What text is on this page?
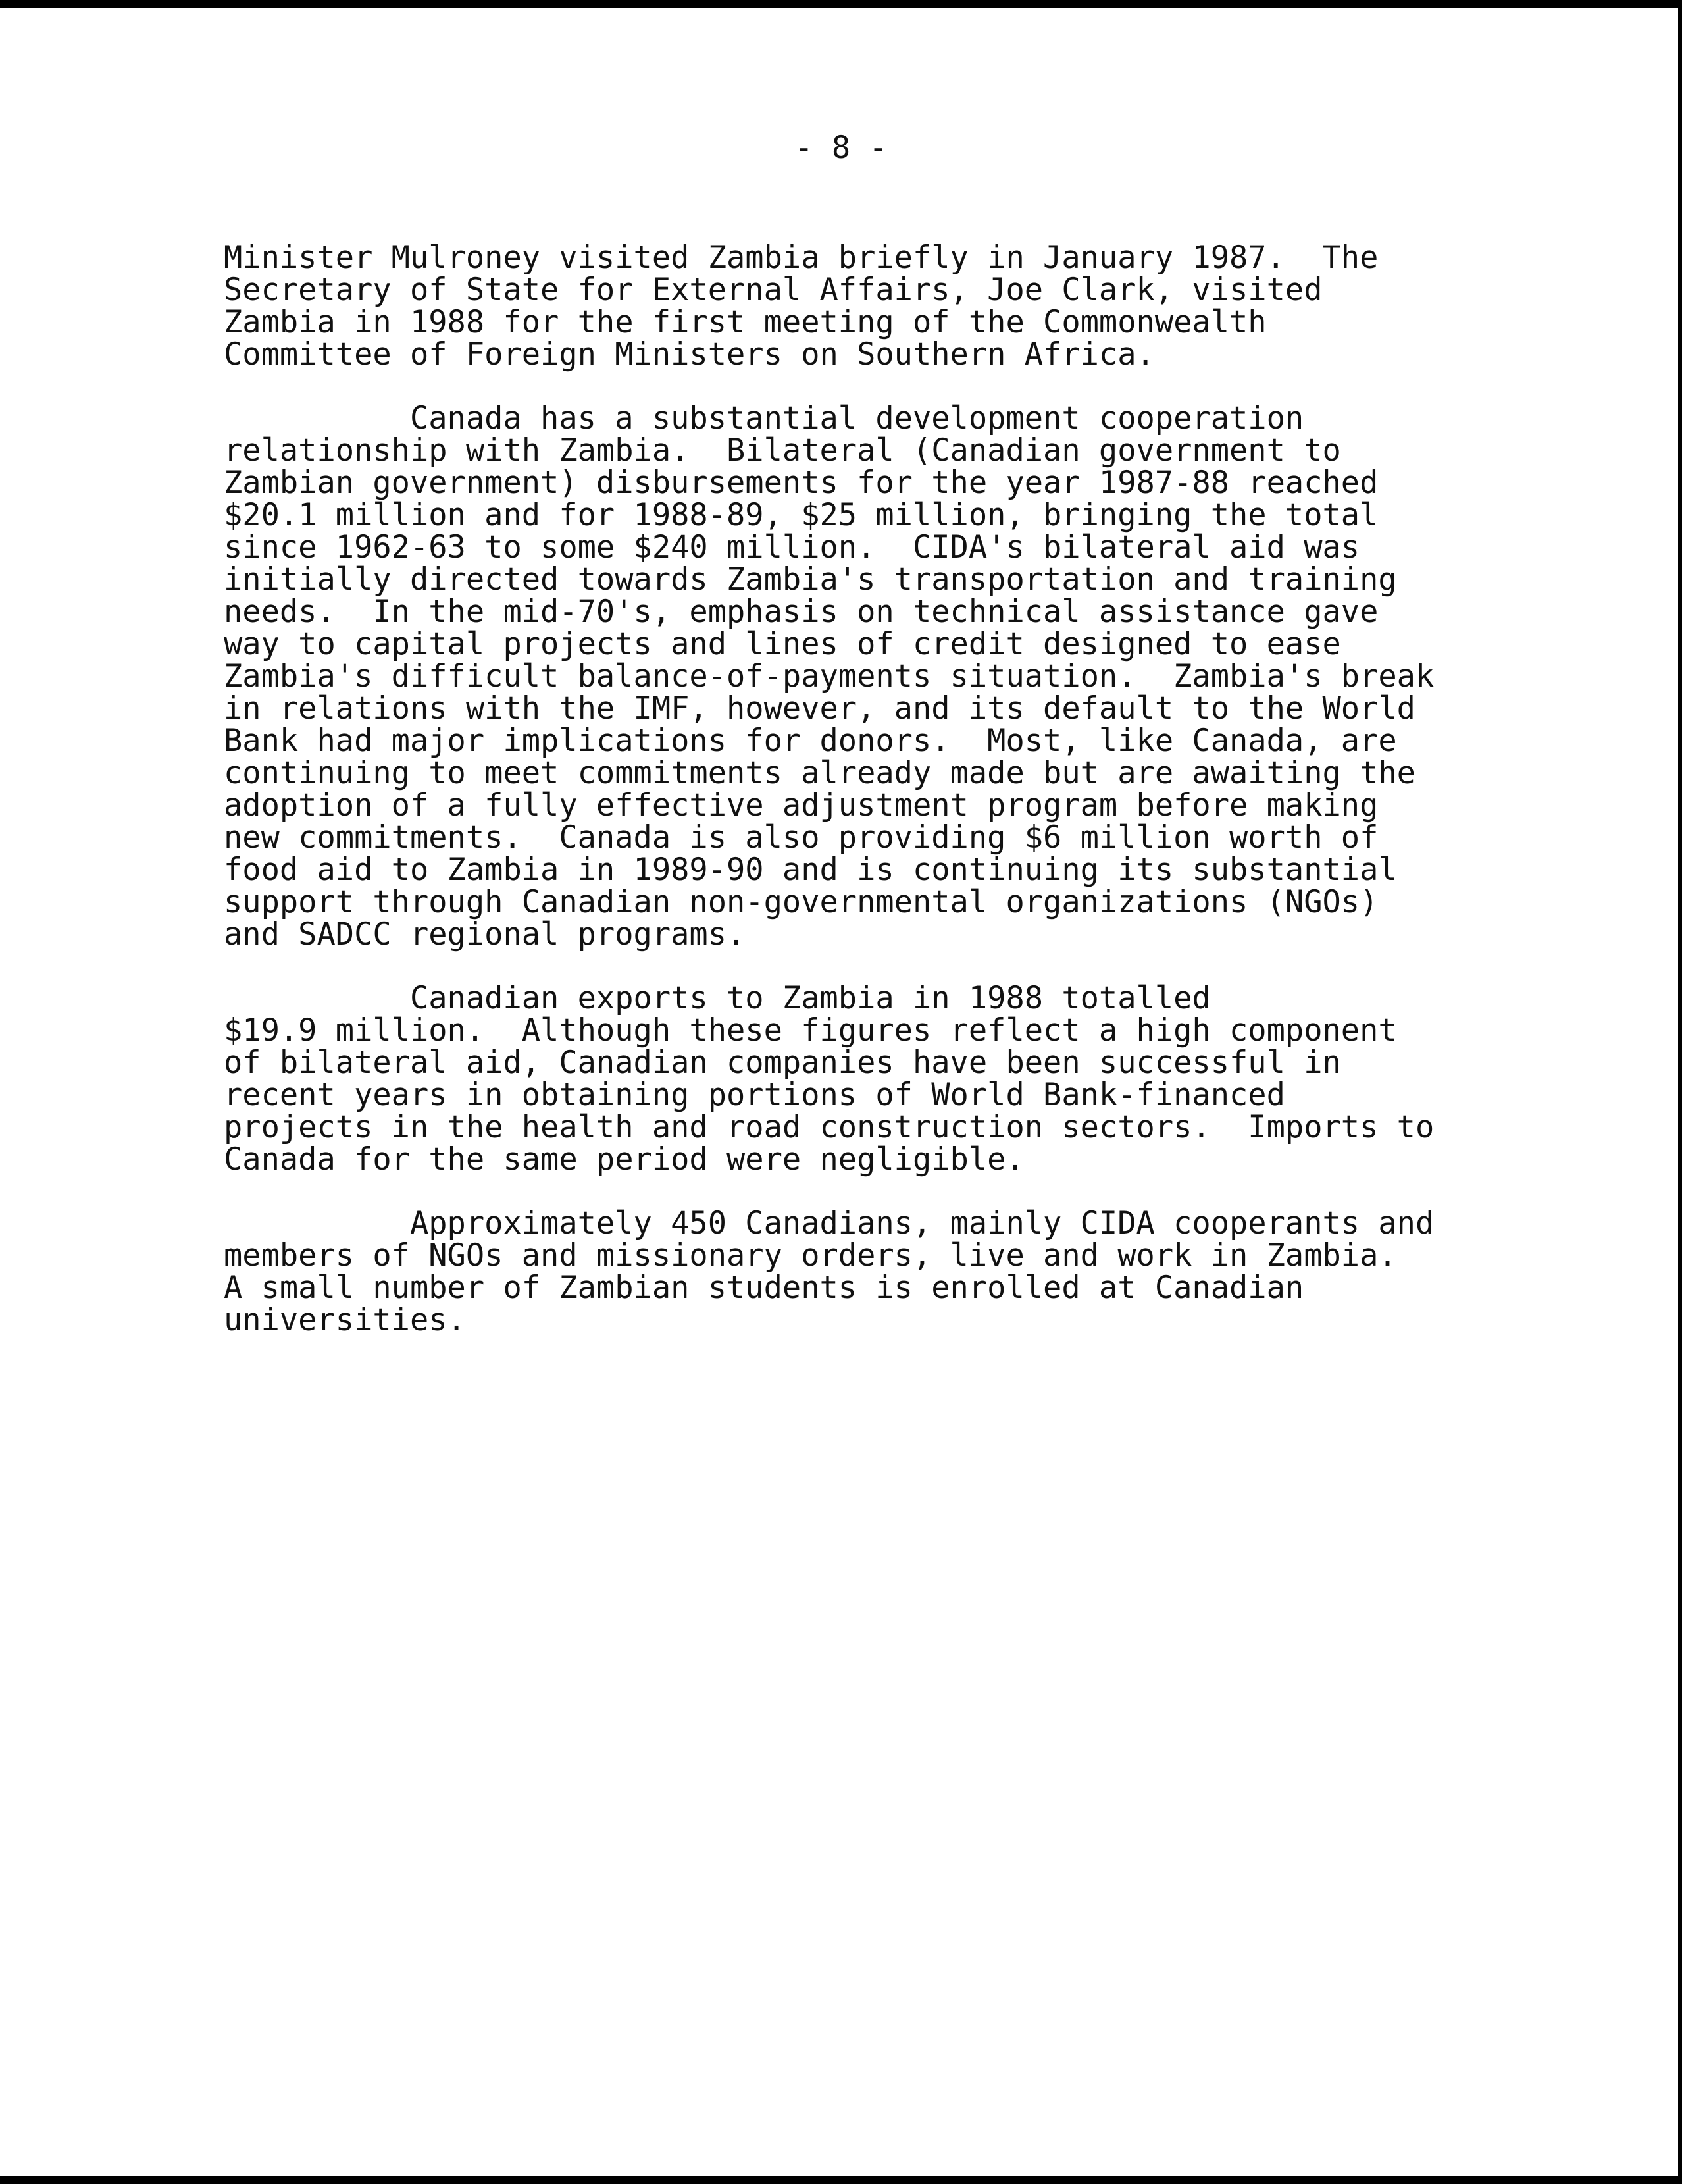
- 8 -
Minister Mulroney visited Zambia briefly in January 1987.  The
Secretary of State for External Affairs, Joe Clark, visited
Zambia in 1988 for the first meeting of the Commonwealth
Committee of Foreign Ministers on Southern Africa.
Canada has a substantial development cooperation
relationship with Zambia.  Bilateral (Canadian government to
Zambian government) disbursements for the year 1987-88 reached
$20.1 million and for 1988-89, $25 million, bringing the total
since 1962-63 to some $240 million.  CIDA's bilateral aid was
initially directed towards Zambia's transportation and training
needs.  In the mid-70's, emphasis on technical assistance gave
way to capital projects and lines of credit designed to ease
Zambia's difficult balance-of-payments situation.  Zambia's break
in relations with the IMF, however, and its default to the World
Bank had major implications for donors.  Most, like Canada, are
continuing to meet commitments already made but are awaiting the
adoption of a fully effective adjustment program before making
new commitments.  Canada is also providing $6 million worth of
food aid to Zambia in 1989-90 and is continuing its substantial
support through Canadian non-governmental organizations (NGOs)
and SADCC regional programs.
Canadian exports to Zambia in 1988 totalled
$19.9 million.  Although these figures reflect a high component
of bilateral aid, Canadian companies have been successful in
recent years in obtaining portions of World Bank-financed
projects in the health and road construction sectors.  Imports to
Canada for the same period were negligible.
Approximately 450 Canadians, mainly CIDA cooperants and
members of NGOs and missionary orders, live and work in Zambia.
A small number of Zambian students is enrolled at Canadian
universities.
